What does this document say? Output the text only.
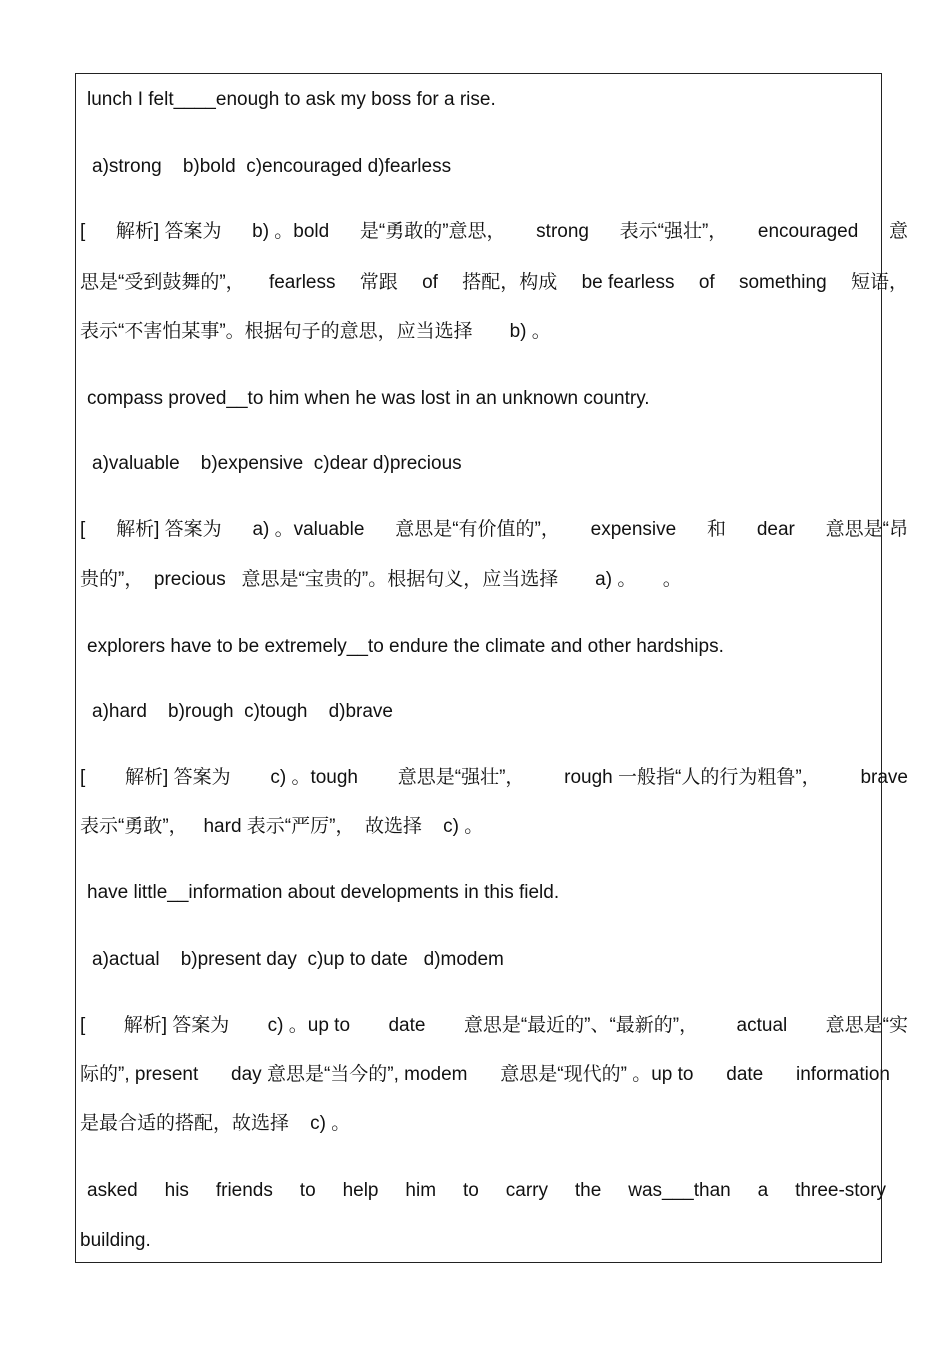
lunch I felt____enough to ask my boss for a rise.
a)strong    b)bold  c)encouraged d)fearless
[ 解析] 答案为 b) 。bold 是“勇敢的”意思， strong 表示“强壮”， encouraged 意
思是“受到鼓舞的”， fearless 常跟 of 搭配，构成 be fearless of something 短语，
表示“不害怕某事”。根据句子的意思，应当选择       b) 。
compass proved__to him when he was lost in an unknown country.
a)valuable    b)expensive  c)dear d)precious
[ 解析] 答案为 a) 。valuable 意思是“有价值的”， expensive 和 dear 意思是“昂
贵的”，  precious   意思是“宝贵的”。根据句义，应当选择       a) 。     。
explorers have to be extremely__to endure the climate and other hardships.
a)hard    b)rough  c)tough    d)brave
[ 解析] 答案为 c) 。tough 意思是“强壮”， rough 一般指“人的行为粗鲁”， brave
表示“勇敢”，   hard 表示“严厉”，  故选择    c) 。
have little__information about developments in this field.
a)actual    b)present day  c)up to date   d)modem
[ 解析] 答案为 c) 。up to date 意思是“最近的”、“最新的”， actual 意思是“实
际的”, present day 意思是“当今的”, modem 意思是“现代的” 。up to date information
是最合适的搭配，故选择    c) 。
asked his friends to help him to carry the was___than a three-story
building.
